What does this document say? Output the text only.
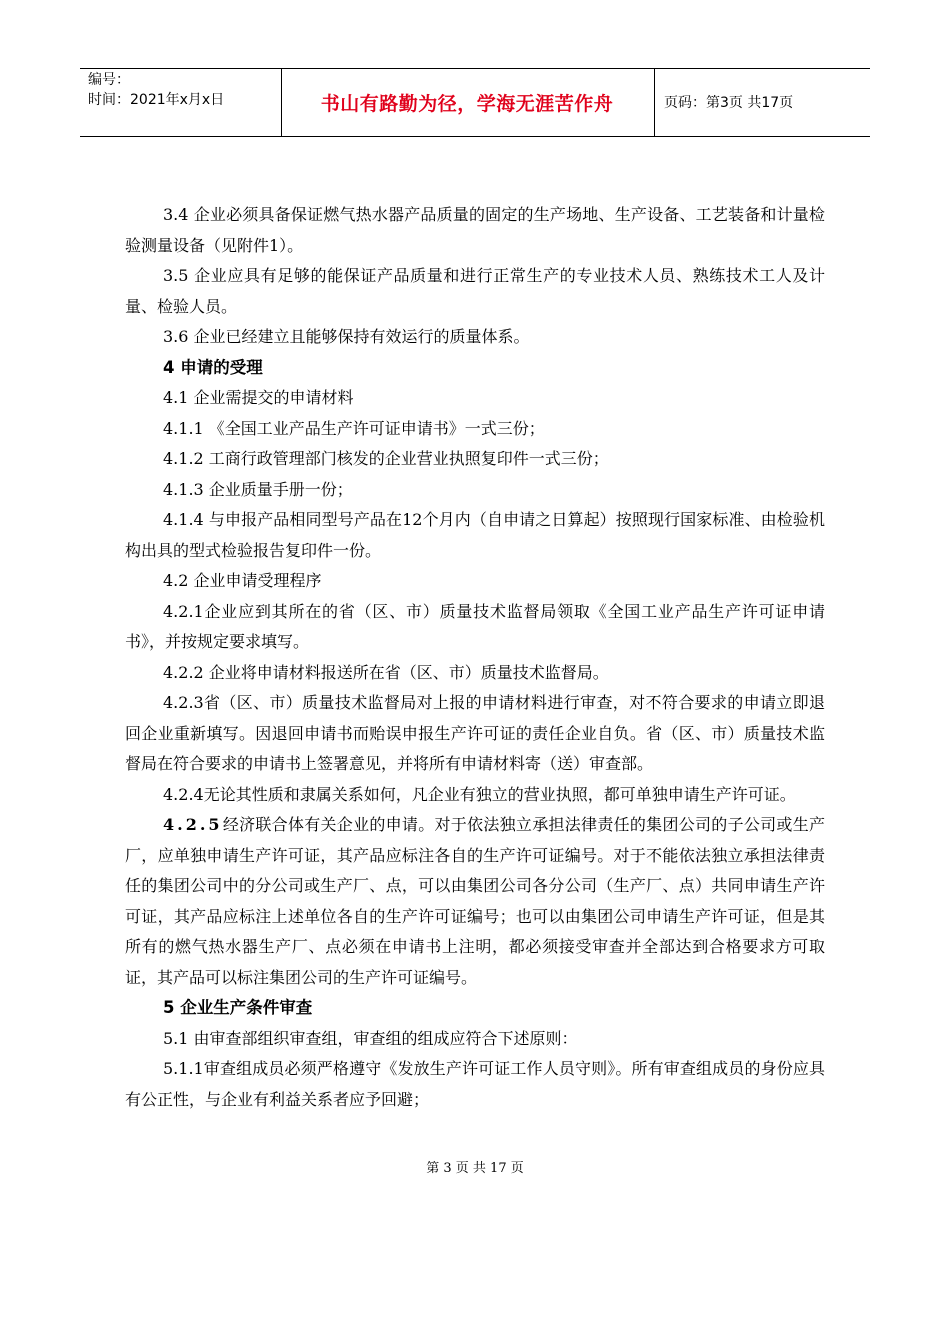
编号：
时间：2021年x月x日	书山有路勤为径，学海无涯苦作舟	页码：第3页 共17页

3.4 企业必须具备保证燃气热水器产品质量的固定的生产场地、生产设备、工艺装备和计量检验测量设备（见附件1）。

3.5 企业应具有足够的能保证产品质量和进行正常生产的专业技术人员、熟练技术工人及计量、检验人员。

3.6 企业已经建立且能够保持有效运行的质量体系。

4 申请的受理

4.1 企业需提交的申请材料

4.1.1 《全国工业产品生产许可证申请书》一式三份；

4.1.2 工商行政管理部门核发的企业营业执照复印件一式三份；

4.1.3 企业质量手册一份；

4.1.4 与申报产品相同型号产品在12个月内（自申请之日算起）按照现行国家标准、由检验机构出具的型式检验报告复印件一份。

4.2 企业申请受理程序

4.2.1企业应到其所在的省（区、市）质量技术监督局领取《全国工业产品生产许可证申请书》，并按规定要求填写。

4.2.2 企业将申请材料报送所在省（区、市）质量技术监督局。

4.2.3省（区、市）质量技术监督局对上报的申请材料进行审查，对不符合要求的申请立即退回企业重新填写。因退回申请书而贻误申报生产许可证的责任企业自负。省（区、市）质量技术监督局在符合要求的申请书上签署意见，并将所有申请材料寄（送）审查部。

4.2.4无论其性质和隶属关系如何，凡企业有独立的营业执照，都可单独申请生产许可证。

4.2.5经济联合体有关企业的申请。对于依法独立承担法律责任的集团公司的子公司或生产厂，应单独申请生产许可证，其产品应标注各自的生产许可证编号。对于不能依法独立承担法律责任的集团公司中的分公司或生产厂、点，可以由集团公司各分公司（生产厂、点）共同申请生产许可证，其产品应标注上述单位各自的生产许可证编号；也可以由集团公司申请生产许可证，但是其所有的燃气热水器生产厂、点必须在申请书上注明，都必须接受审查并全部达到合格要求方可取证，其产品可以标注集团公司的生产许可证编号。

5 企业生产条件审查

5.1 由审查部组织审查组，审查组的组成应符合下述原则：

5.1.1审查组成员必须严格遵守《发放生产许可证工作人员守则》。所有审查组成员的身份应具有公正性，与企业有利益关系者应予回避；

第 3 页 共 17 页
